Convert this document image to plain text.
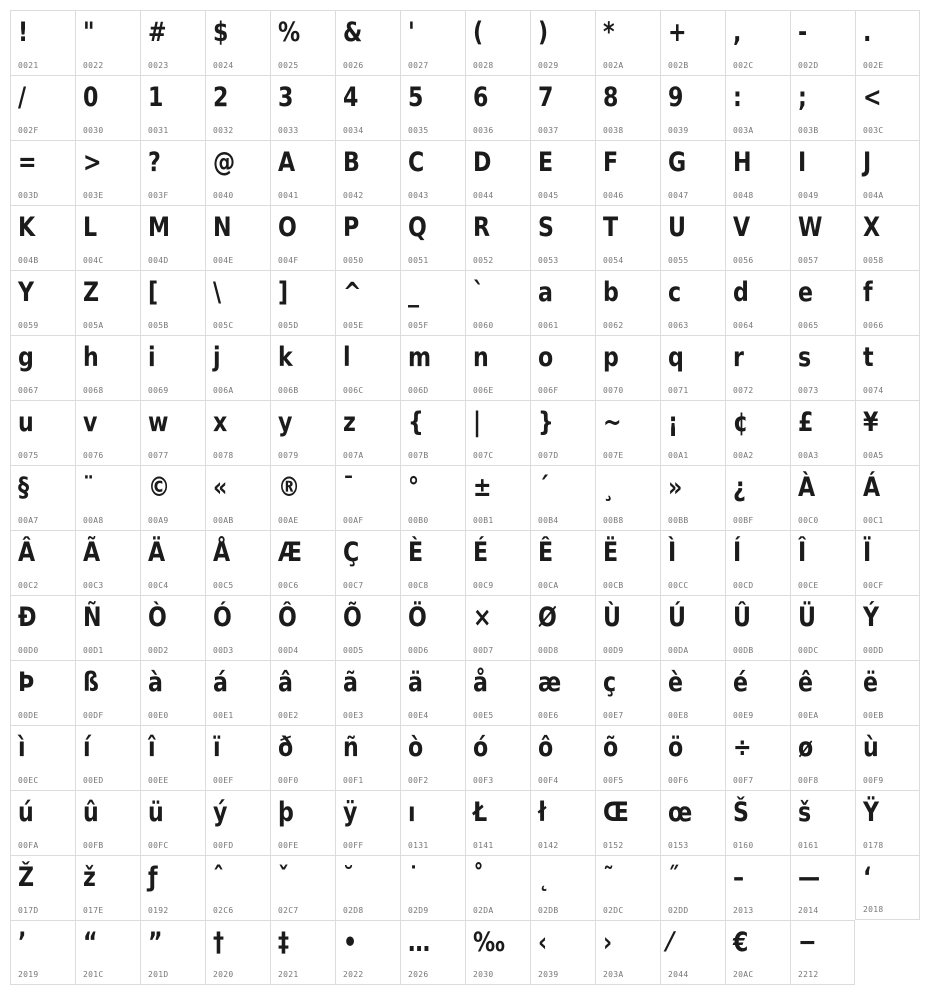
!
0021
"
0022
#
0023
$
0024
%
0025
&
0026
'
0027
(
0028
)
0029
*
002A
+
002B
,
002C
-
002D
.
002E
/
002F
0
0030
1
0031
2
0032
3
0033
4
0034
5
0035
6
0036
7
0037
8
0038
9
0039
:
003A
;
003B
<
003C
=
003D
>
003E
?
003F
@
0040
A
0041
B
0042
C
0043
D
0044
E
0045
F
0046
G
0047
H
0048
I
0049
J
004A
K
004B
L
004C
M
004D
N
004E
O
004F
P
0050
Q
0051
R
0052
S
0053
T
0054
U
0055
V
0056
W
0057
X
0058
Y
0059
Z
005A
[
005B
\
005C
]
005D
^
005E
_
005F
`
0060
a
0061
b
0062
c
0063
d
0064
e
0065
f
0066
g
0067
h
0068
i
0069
j
006A
k
006B
l
006C
m
006D
n
006E
o
006F
p
0070
q
0071
r
0072
s
0073
t
0074
u
0075
v
0076
w
0077
x
0078
y
0079
z
007A
{
007B
|
007C
}
007D
~
007E
¡
00A1
¢
00A2
£
00A3
¥
00A5
§
00A7
¨
00A8
©
00A9
«
00AB
®
00AE
¯
00AF
°
00B0
±
00B1
´
00B4
¸
00B8
»
00BB
¿
00BF
À
00C0
Á
00C1
Â
00C2
Ã
00C3
Ä
00C4
Å
00C5
Æ
00C6
Ç
00C7
È
00C8
É
00C9
Ê
00CA
Ë
00CB
Ì
00CC
Í
00CD
Î
00CE
Ï
00CF
Ð
00D0
Ñ
00D1
Ò
00D2
Ó
00D3
Ô
00D4
Õ
00D5
Ö
00D6
×
00D7
Ø
00D8
Ù
00D9
Ú
00DA
Û
00DB
Ü
00DC
Ý
00DD
Þ
00DE
ß
00DF
à
00E0
á
00E1
â
00E2
ã
00E3
ä
00E4
å
00E5
æ
00E6
ç
00E7
è
00E8
é
00E9
ê
00EA
ë
00EB
ì
00EC
í
00ED
î
00EE
ï
00EF
ð
00F0
ñ
00F1
ò
00F2
ó
00F3
ô
00F4
õ
00F5
ö
00F6
÷
00F7
ø
00F8
ù
00F9
ú
00FA
û
00FB
ü
00FC
ý
00FD
þ
00FE
ÿ
00FF
ı
0131
Ł
0141
ł
0142
Œ
0152
œ
0153
Š
0160
š
0161
Ÿ
0178
Ž
017D
ž
017E
ƒ
0192
ˆ
02C6
ˇ
02C7
˘
02D8
˙
02D9
˚
02DA
˛
02DB
˜
02DC
˝
02DD
–
2013
—
2014
‘
2018
’
2019
“
201C
”
201D
†
2020
‡
2021
•
2022
…
2026
‰
2030
‹
2039
›
203A
⁄
2044
€
20AC
−
2212
